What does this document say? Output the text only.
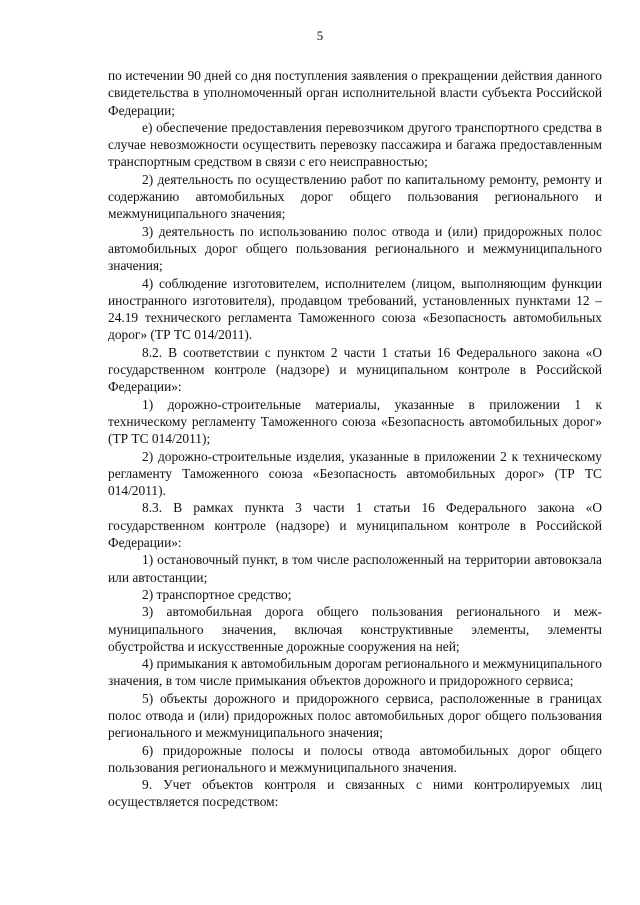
5

по истечении 90 дней со дня поступления заявления о прекращении действия данного свидетельства в уполномоченный орган исполнительной власти субъекта Российской Федерации;

е) обеспечение предоставления перевозчиком другого транспортного средства в случае невозможности осуществить перевозку пассажира и багажа предоставленным транспортным средством в связи с его неисправностью;

2) деятельность по осуществлению работ по капитальному ремонту, ремонту и содержанию автомобильных дорог общего пользования регионального и межмуниципального значения;

3) деятельность по использованию полос отвода и (или) придорожных полос автомобильных дорог общего пользования регионального и межмуниципального значения;

4) соблюдение изготовителем, исполнителем (лицом, выполняющим функции иностранного изготовителя), продавцом требований, установленных пунктами 12 – 24.19 технического регламента Таможенного союза «Безопасность автомобильных дорог» (ТР ТС 014/2011).

8.2. В соответствии с пунктом 2 части 1 статьи 16 Федерального закона «О государственном контроле (надзоре) и муниципальном контроле в Российской Федерации»:

1) дорожно-строительные материалы, указанные в приложении 1 к техническому регламенту Таможенного союза «Безопасность автомобильных дорог» (ТР ТС 014/2011);

2) дорожно-строительные изделия, указанные в приложении 2 к техническому регламенту Таможенного союза «Безопасность автомобильных дорог» (ТР ТС 014/2011).

8.3. В рамках пункта 3 части 1 статьи 16 Федерального закона «О государственном контроле (надзоре) и муниципальном контроле в Российской Федерации»:

1) остановочный пункт, в том числе расположенный на территории автовокзала или автостанции;

2) транспортное средство;

3) автомобильная дорога общего пользования регионального и межмуниципального значения, включая конструктивные элементы, элементы обустройства и искусственные дорожные сооружения на ней;

4) примыкания к автомобильным дорогам регионального и межмуниципального значения, в том числе примыкания объектов дорожного и придорожного сервиса;

5) объекты дорожного и придорожного сервиса, расположенные в границах полос отвода и (или) придорожных полос автомобильных дорог общего пользования регионального и межмуниципального значения;

6) придорожные полосы и полосы отвода автомобильных дорог общего пользования регионального и межмуниципального значения.

9. Учет объектов контроля и связанных с ними контролируемых лиц осуществляется посредством:
